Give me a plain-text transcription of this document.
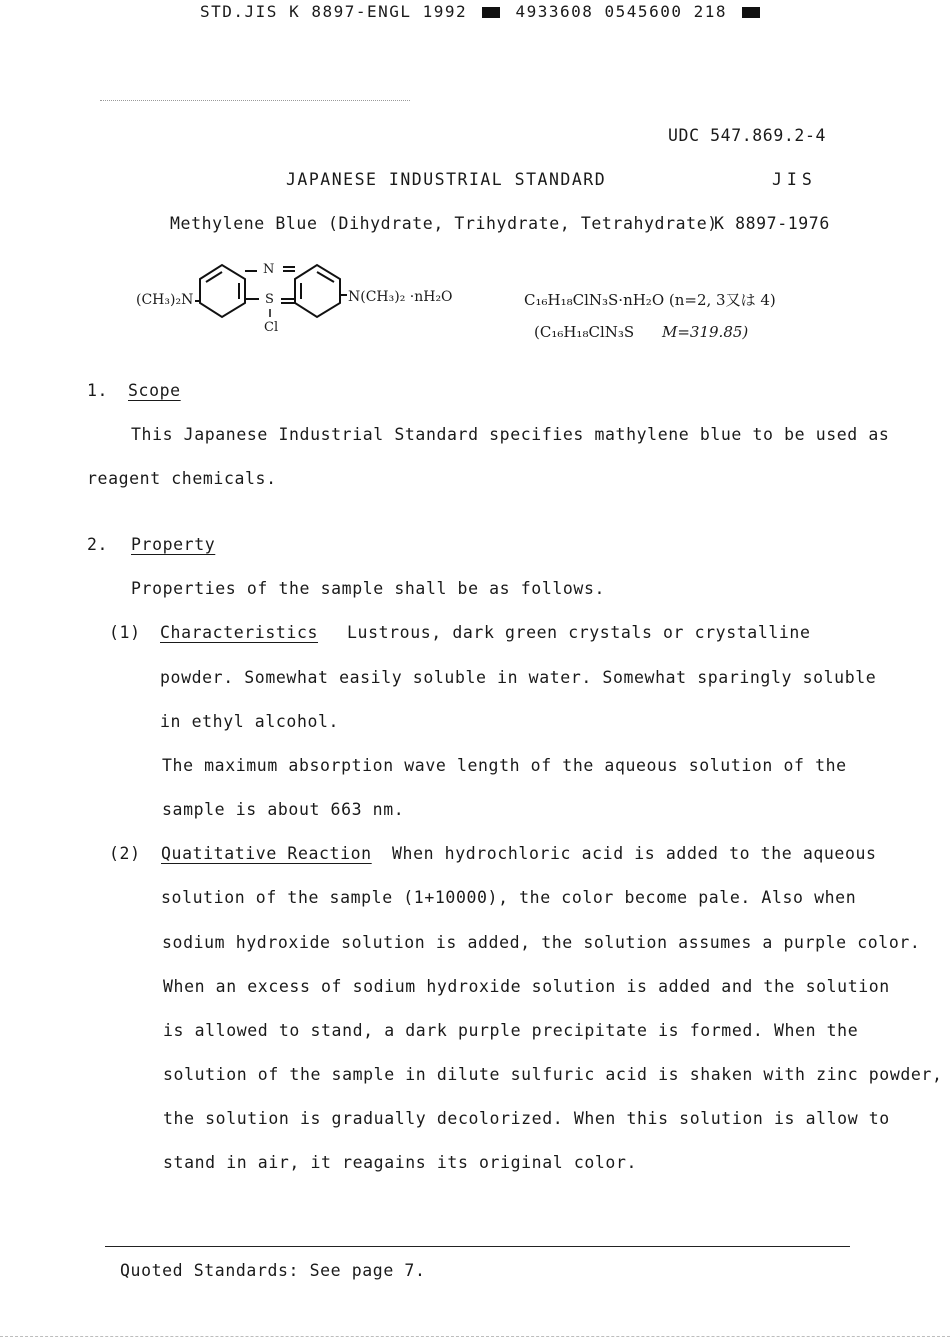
STD.JIS K 8897-ENGL 1992	4933608 0545600 218
UDC 547.869.2-4
JAPANESE INDUSTRIAL STANDARD	JIS
Methylene Blue (Dihydrate, Trihydrate, Tetrahydrate)
K 8897-1976
(CH₃)₂N
N
S
Cl
N(CH₃)₂ ·nH₂O	C₁₆H₁₈ClN₃S·nH₂O (n=2, 3又は 4)
(C₁₆H₁₈ClN₃S M=319.85)
1. Scope
This Japanese Industrial Standard specifies mathylene blue to be used as
reagent chemicals.
2. Property
Properties of the sample shall be as follows.
(1) Characteristics Lustrous, dark green crystals or crystalline
powder. Somewhat easily soluble in water. Somewhat sparingly soluble
in ethyl alcohol.
The maximum absorption wave length of the aqueous solution of the
sample is about 663 nm.
(2) Quatitative Reaction When hydrochloric acid is added to the aqueous
solution of the sample (1+10000), the color become pale. Also when
sodium hydroxide solution is added, the solution assumes a purple color.
When an excess of sodium hydroxide solution is added and the solution
is allowed to stand, a dark purple precipitate is formed. When the
solution of the sample in dilute sulfuric acid is shaken with zinc powder,
the solution is gradually decolorized. When this solution is allow to
stand in air, it reagains its original color.
Quoted Standards: See page 7.
